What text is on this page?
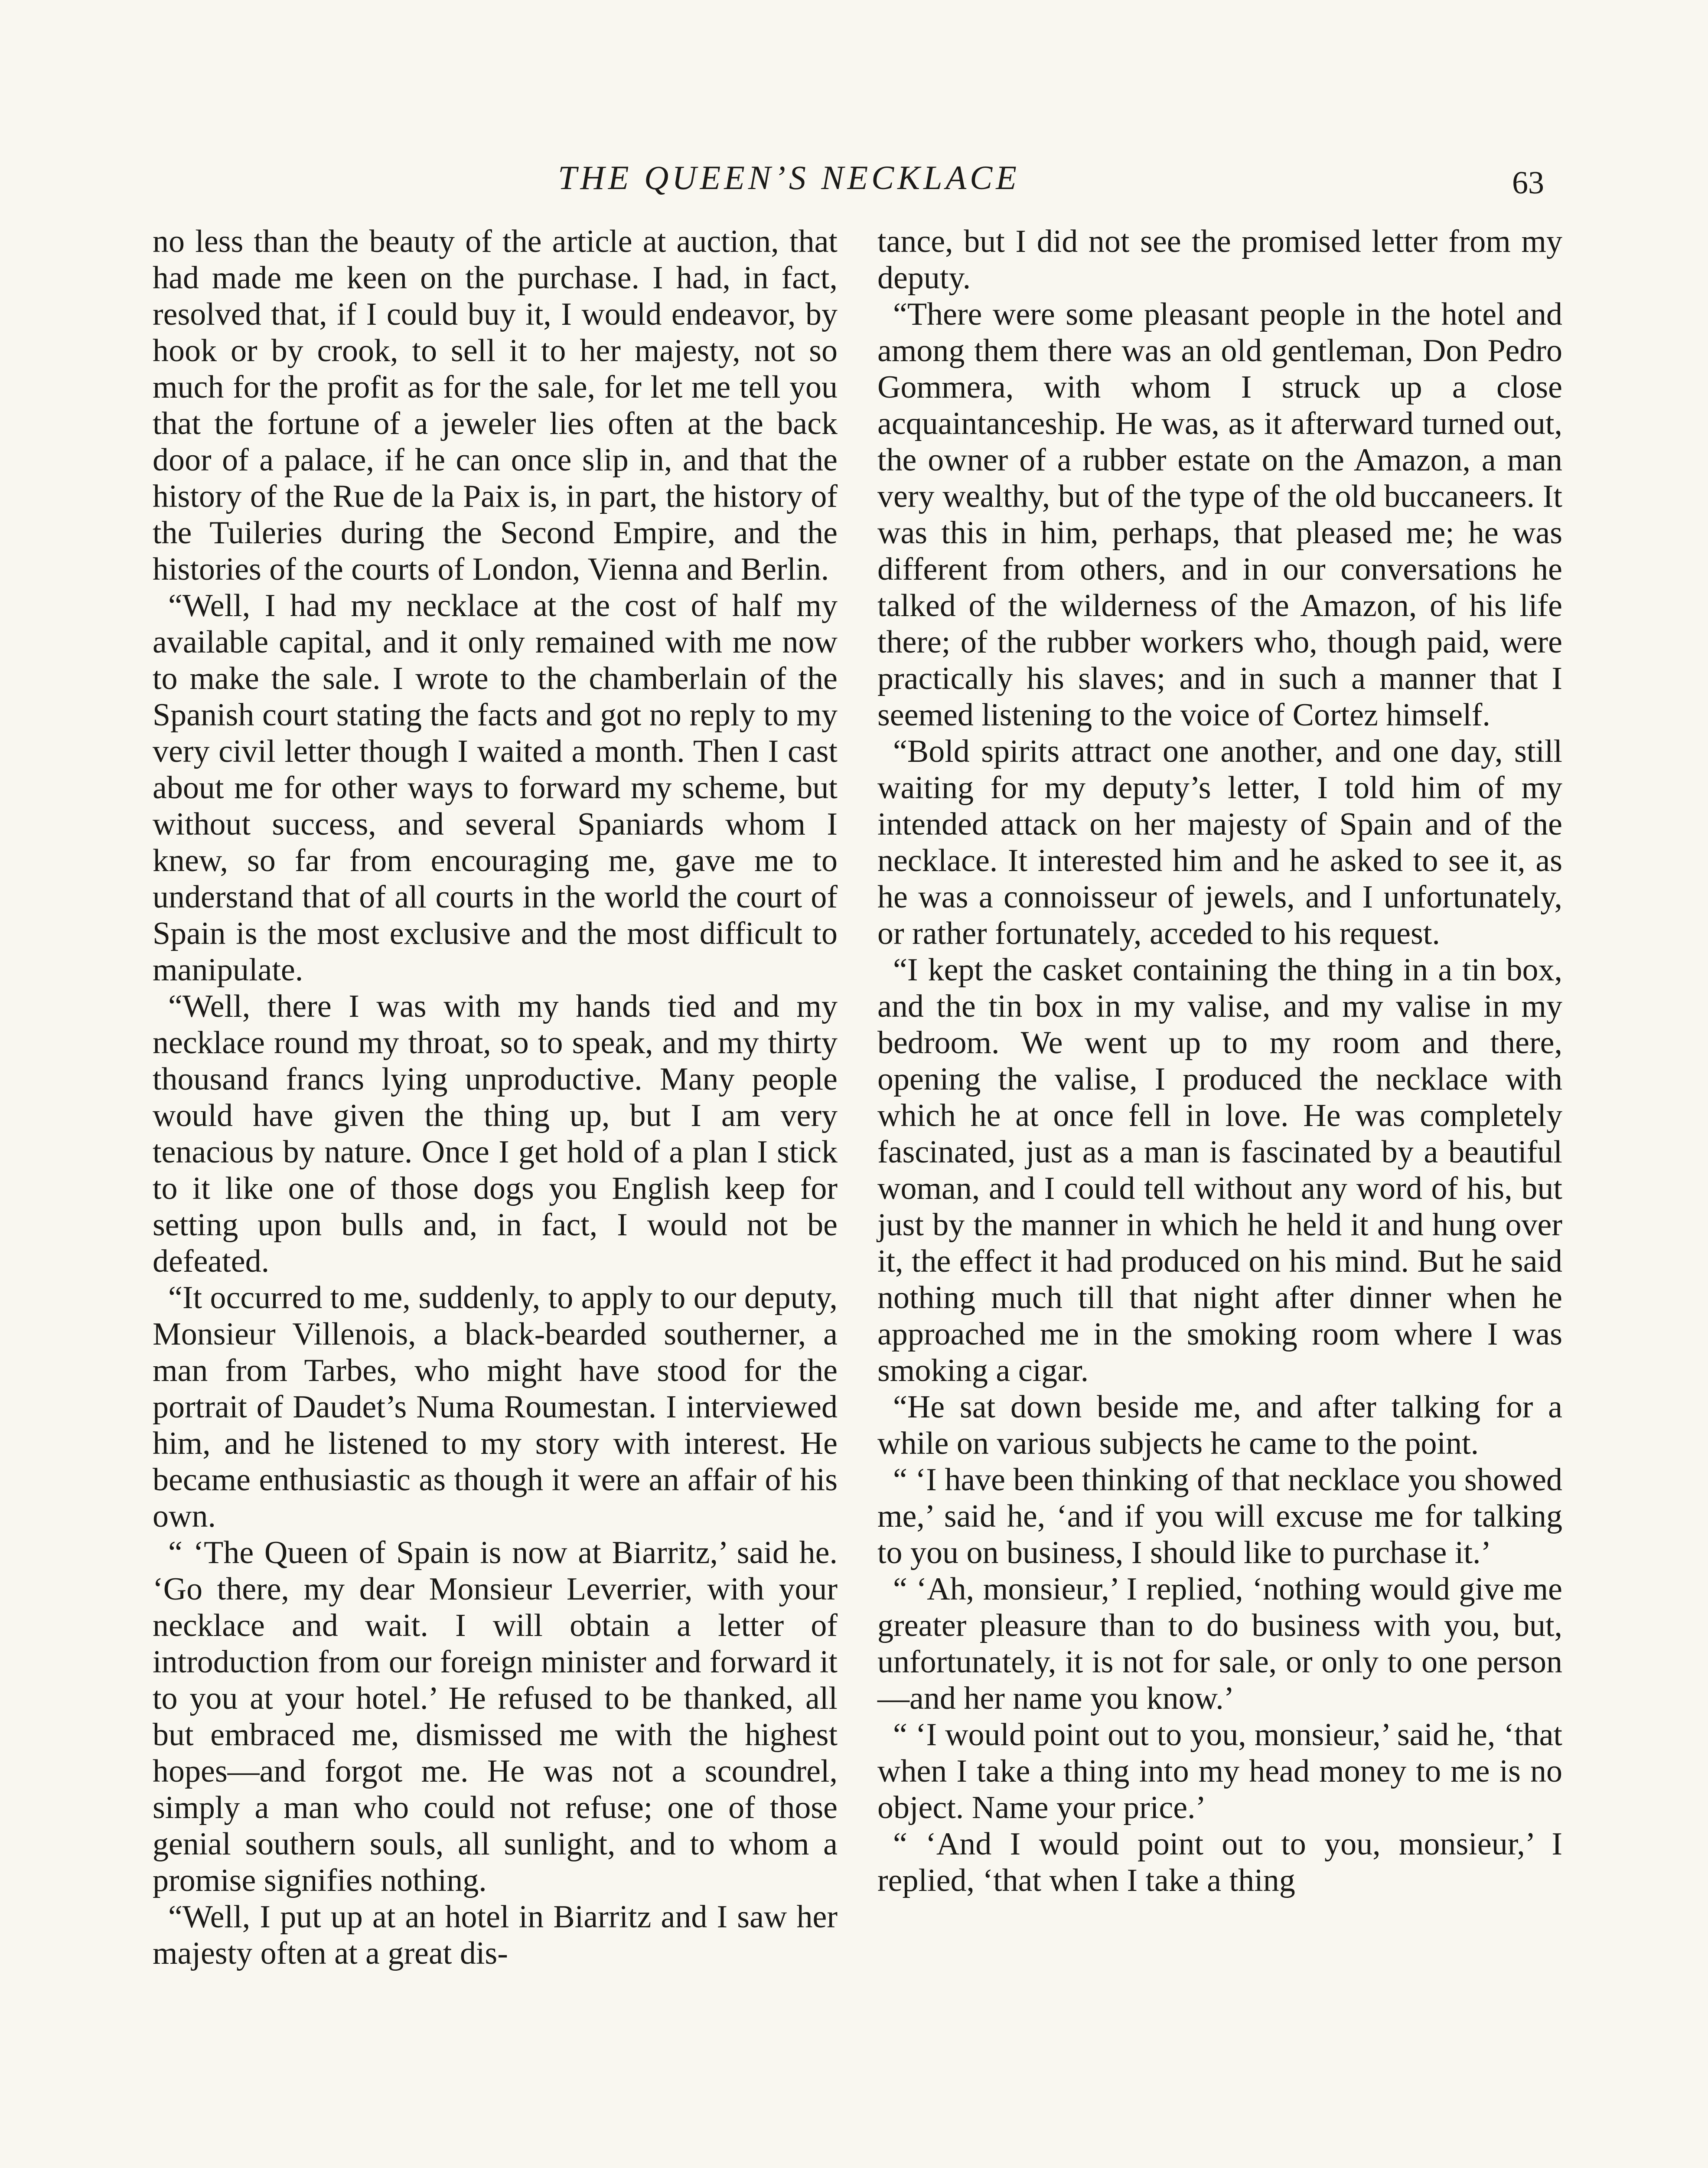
THE QUEEN’S NECKLACE	63

no less than the beauty of the article at auction, that had made me keen on the purchase. I had, in fact, resolved that, if I could buy it, I would endeavor, by hook or by crook, to sell it to her majesty, not so much for the profit as for the sale, for let me tell you that the fortune of a jeweler lies often at the back door of a palace, if he can once slip in, and that the history of the Rue de la Paix is, in part, the history of the Tuileries during the Second Empire, and the histories of the courts of London, Vienna and Berlin.

“Well, I had my necklace at the cost of half my available capital, and it only remained with me now to make the sale. I wrote to the chamberlain of the Spanish court stating the facts and got no reply to my very civil letter though I waited a month. Then I cast about me for other ways to forward my scheme, but without success, and several Spaniards whom I knew, so far from encouraging me, gave me to understand that of all courts in the world the court of Spain is the most exclusive and the most difficult to manipulate.

“Well, there I was with my hands tied and my necklace round my throat, so to speak, and my thirty thousand francs lying unproductive. Many people would have given the thing up, but I am very tenacious by nature. Once I get hold of a plan I stick to it like one of those dogs you English keep for setting upon bulls and, in fact, I would not be defeated.

“It occurred to me, suddenly, to apply to our deputy, Monsieur Villenois, a black-bearded southerner, a man from Tarbes, who might have stood for the portrait of Daudet’s Numa Roumestan. I interviewed him, and he listened to my story with interest. He became enthusiastic as though it were an affair of his own.

“ ‘The Queen of Spain is now at Biarritz,’ said he. ‘Go there, my dear Monsieur Leverrier, with your necklace and wait. I will obtain a letter of introduction from our foreign minister and forward it to you at your hotel.’ He refused to be thanked, all but embraced me, dismissed me with the highest hopes—and forgot me. He was not a scoundrel, simply a man who could not refuse; one of those genial southern souls, all sunlight, and to whom a promise signifies nothing.

“Well, I put up at an hotel in Biarritz and I saw her majesty often at a great dis-

tance, but I did not see the promised letter from my deputy.

“There were some pleasant people in the hotel and among them there was an old gentleman, Don Pedro Gommera, with whom I struck up a close acquaintanceship. He was, as it afterward turned out, the owner of a rubber estate on the Amazon, a man very wealthy, but of the type of the old buccaneers. It was this in him, perhaps, that pleased me; he was different from others, and in our conversations he talked of the wilderness of the Amazon, of his life there; of the rubber workers who, though paid, were practically his slaves; and in such a manner that I seemed listening to the voice of Cortez himself.

“Bold spirits attract one another, and one day, still waiting for my deputy’s letter, I told him of my intended attack on her majesty of Spain and of the necklace. It interested him and he asked to see it, as he was a connoisseur of jewels, and I unfortunately, or rather fortunately, acceded to his request.

“I kept the casket containing the thing in a tin box, and the tin box in my valise, and my valise in my bedroom. We went up to my room and there, opening the valise, I produced the necklace with which he at once fell in love. He was completely fascinated, just as a man is fascinated by a beautiful woman, and I could tell without any word of his, but just by the manner in which he held it and hung over it, the effect it had produced on his mind. But he said nothing much till that night after dinner when he approached me in the smoking room where I was smoking a cigar.

“He sat down beside me, and after talking for a while on various subjects he came to the point.

“ ‘I have been thinking of that necklace you showed me,’ said he, ‘and if you will excuse me for talking to you on business, I should like to purchase it.’

“ ‘Ah, monsieur,’ I replied, ‘nothing would give me greater pleasure than to do business with you, but, unfortunately, it is not for sale, or only to one person—and her name you know.’

“ ‘I would point out to you, monsieur,’ said he, ‘that when I take a thing into my head money to me is no object. Name your price.’

“ ‘And I would point out to you, monsieur,’ I replied, ‘that when I take a thing
